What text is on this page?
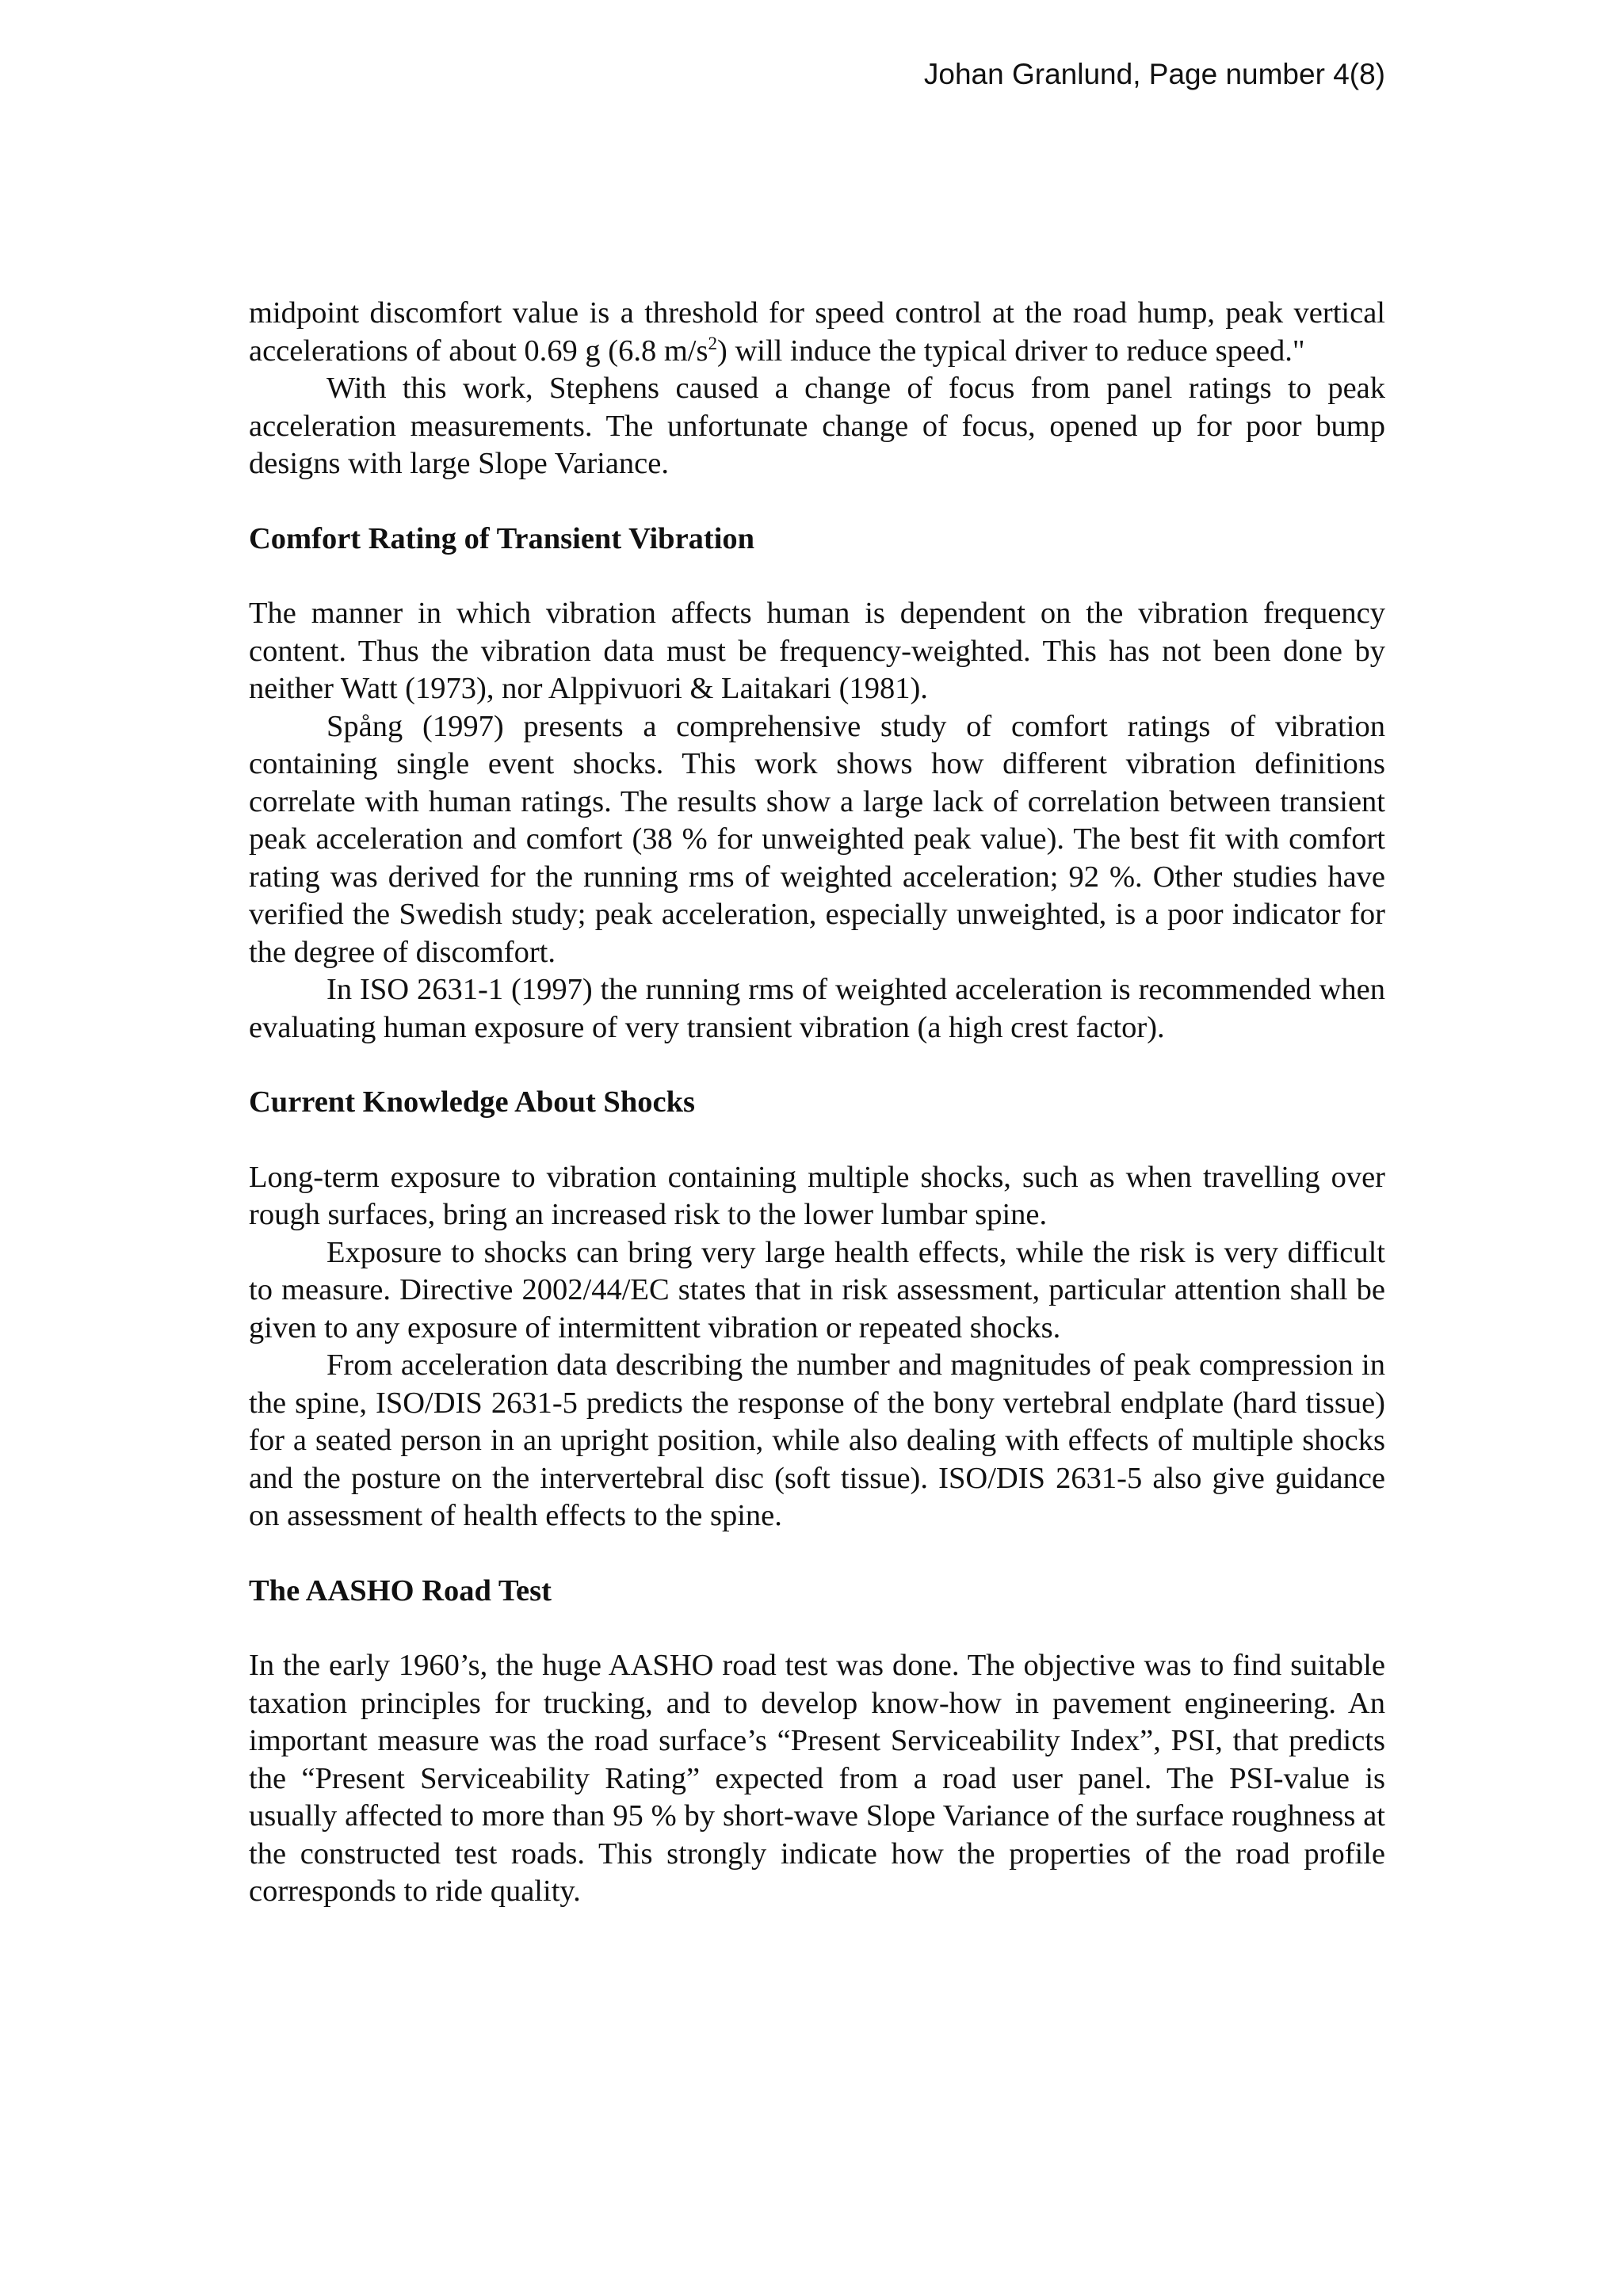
Johan Granlund, Page number 4(8)

midpoint discomfort value is a threshold for speed control at the road hump, peak vertical accelerations of about 0.69 g (6.8 $m/s^2$) will induce the typical driver to reduce speed."

With this work, Stephens caused a change of focus from panel ratings to peak acceleration measurements. The unfortunate change of focus, opened up for poor bump designs with large Slope Variance.

Comfort Rating of Transient Vibration

The manner in which vibration affects human is dependent on the vibration frequency content. Thus the vibration data must be frequency-weighted. This has not been done by neither Watt (1973), nor Alppivuori & Laitakari (1981).

Spång (1997) presents a comprehensive study of comfort ratings of vibration containing single event shocks. This work shows how different vibration definitions correlate with human ratings. The results show a large lack of correlation between transient peak acceleration and comfort (38 % for unweighted peak value). The best fit with comfort rating was derived for the running rms of weighted acceleration; 92 %. Other studies have verified the Swedish study; peak acceleration, especially unweighted, is a poor indicator for the degree of discomfort.

In ISO 2631-1 (1997) the running rms of weighted acceleration is recommended when evaluating human exposure of very transient vibration (a high crest factor).

Current Knowledge About Shocks

Long-term exposure to vibration containing multiple shocks, such as when travelling over rough surfaces, bring an increased risk to the lower lumbar spine.

Exposure to shocks can bring very large health effects, while the risk is very difficult to measure. Directive 2002/44/EC states that in risk assessment, particular attention shall be given to any exposure of intermittent vibration or repeated shocks.

From acceleration data describing the number and magnitudes of peak compression in the spine, ISO/DIS 2631-5 predicts the response of the bony vertebral endplate (hard tissue) for a seated person in an upright position, while also dealing with effects of multiple shocks and the posture on the intervertebral disc (soft tissue). ISO/DIS 2631-5 also give guidance on assessment of health effects to the spine.

The AASHO Road Test

In the early 1960’s, the huge AASHO road test was done. The objective was to find suitable taxation principles for trucking, and to develop know-how in pavement engineering. An important measure was the road surface’s “Present Serviceability Index”, PSI, that predicts the “Present Serviceability Rating” expected from a road user panel. The PSI-value is usually affected to more than 95 % by short-wave Slope Variance of the surface roughness at the constructed test roads. This strongly indicate how the properties of the road profile corresponds to ride quality.
